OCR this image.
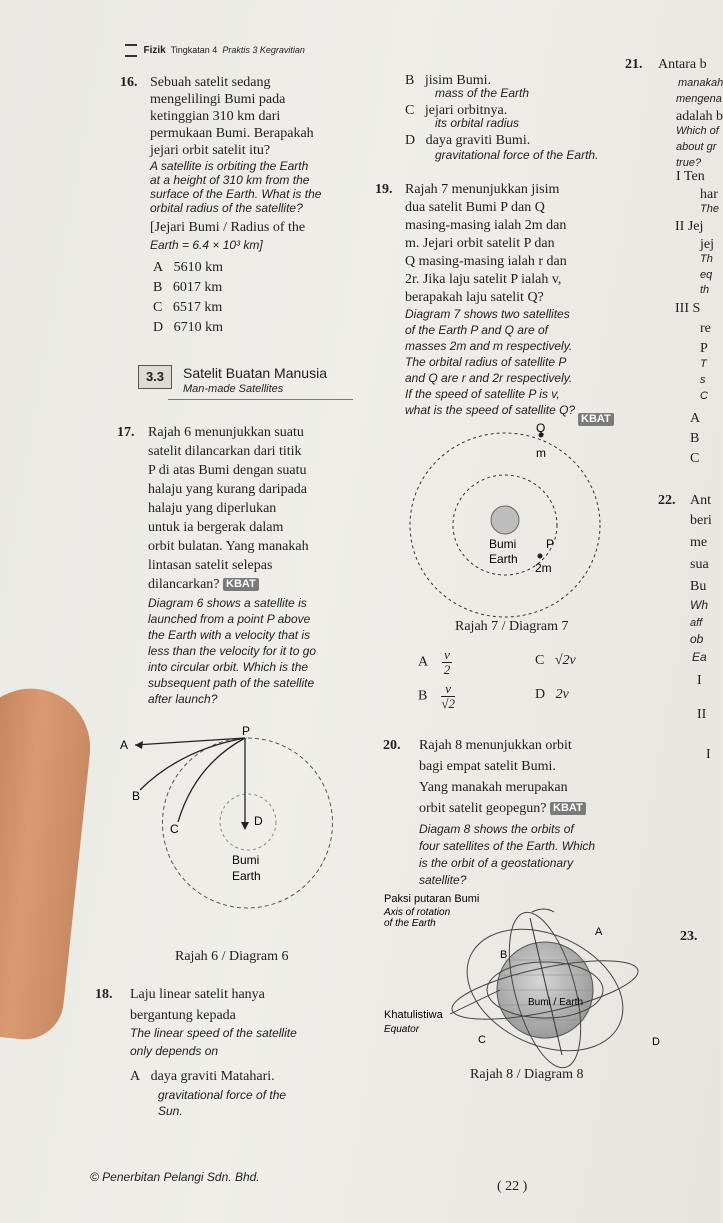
Fizik Tingkatan 4 Praktis 3 Kegravitian
16. Sebuah satelit sedang
mengelilingi Bumi pada
ketinggian 310 km dari
permukaan Bumi. Berapakah
jejari orbit satelit itu?
A satellite is orbiting the Earth
at a height of 310 km from the
surface of the Earth. What is the
orbital radius of the satellite?
[Jejari Bumi / Radius of the
Earth = 6.4 × 10³ km]
A 5610 km
B 6017 km
C 6517 km
D 6710 km
3.3	Satelit Buatan Manusia
Man-made Satellites
17. Rajah 6 menunjukkan suatu
satelit dilancarkan dari titik
P di atas Bumi dengan suatu
halaju yang kurang daripada
halaju yang diperlukan
untuk ia bergerak dalam
orbit bulatan. Yang manakah
lintasan satelit selepas
dilancarkan? KBAT
Diagram 6 shows a satellite is
launched from a point P above
the Earth with a velocity that is
less than the velocity for it to go
into circular orbit. Which is the
subsequent path of the satellite
after launch?
P
A
B
C
D
Bumi
Earth
Rajah 6 / Diagram 6
18. Laju linear satelit hanya
bergantung kepada
The linear speed of the satellite
only depends on
A daya graviti Matahari.
gravitational force of the
Sun.
© Penerbitan Pelangi Sdn. Bhd.
B jisim Bumi.
mass of the Earth
C jejari orbitnya.
its orbital radius
D daya graviti Bumi.
gravitational force of the Earth.
19. Rajah 7 menunjukkan jisim
dua satelit Bumi P dan Q
masing-masing ialah 2m dan
m. Jejari orbit satelit P dan
Q masing-masing ialah r dan
2r. Jika laju satelit P ialah v,
berapakah laju satelit Q?
Diagram 7 shows two satellites
of the Earth P and Q are of
masses 2m and m respectively.
The orbital radius of satellite P
and Q are r and 2r respectively.
If the speed of satellite P is v,
what is the speed of satellite Q?
KBAT
Q
m
P
2m
Bumi
Earth
Rajah 7 / Diagram 7
A $\frac{v}{2}$	C √2v
B $\frac{v}{√2}$	D 2v
20. Rajah 8 menunjukkan orbit
bagi empat satelit Bumi.
Yang manakah merupakan
orbit satelit geopegun? KBAT
Diagam 8 shows the orbits of
four satellites of the Earth. Which
is the orbit of a geostationary
satellite?
Paksi putaran Bumi
Axis of rotation
of the Earth
Khatulistiwa
Equator
Bumi / Earth
A
B
C	D
Rajah 8 / Diagram 8
( 22 )
21. Antara b
manakah
mengena
adalah b
Which of
about gr
true?
I Ten
har
The
II Jej
jej
Th
eq
th
III S
re
P
T
s
C
A
B
C
22. Ant
beri
me
sua
Bu
Wh
aff
ob
Ea
I
II
I
23.
